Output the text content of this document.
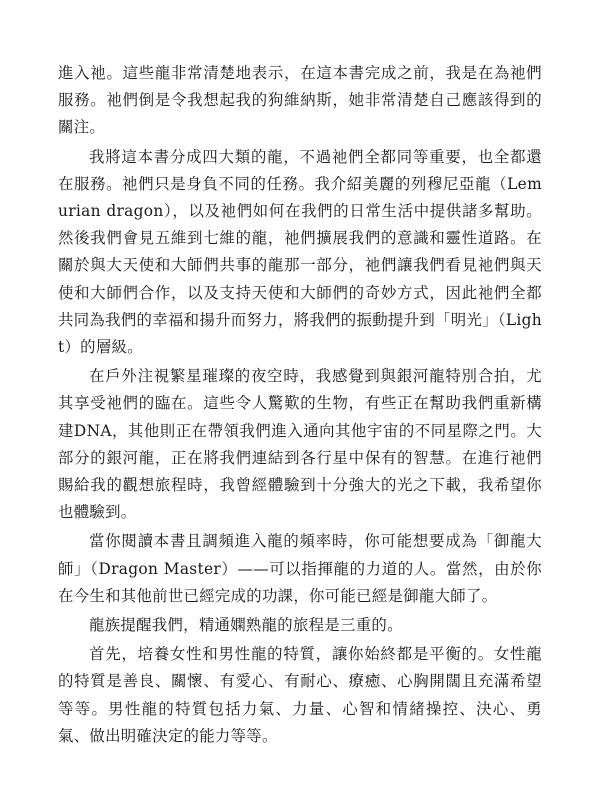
進入祂。這些龍非常清楚地表示，在這本書完成之前，我是在為祂們服務。祂們倒是令我想起我的狗維納斯，她非常清楚自己應該得到的關注。

我將這本書分成四大類的龍，不過祂們全都同等重要，也全都還在服務。祂們只是身負不同的任務。我介紹美麗的列穆尼亞龍（Lemurian dragon），以及祂們如何在我們的日常生活中提供諸多幫助。然後我們會見五維到七維的龍，祂們擴展我們的意識和靈性道路。在關於與大天使和大師們共事的龍那一部分，祂們讓我們看見祂們與天使和大師們合作，以及支持天使和大師們的奇妙方式，因此祂們全都共同為我們的幸福和揚升而努力，將我們的振動提升到「明光」（Light）的層級。

在戶外注視繁星璀璨的夜空時，我感覺到與銀河龍特別合拍，尤其享受祂們的臨在。這些令人驚歎的生物，有些正在幫助我們重新構建DNA，其他則正在帶領我們進入通向其他宇宙的不同星際之門。大部分的銀河龍，正在將我們連結到各行星中保有的智慧。在進行祂們賜給我的觀想旅程時，我曾經體驗到十分強大的光之下載，我希望你也體驗到。

當你閱讀本書且調頻進入龍的頻率時，你可能想要成為「御龍大師」（Dragon Master）——可以指揮龍的力道的人。當然，由於你在今生和其他前世已經完成的功課，你可能已經是御龍大師了。

龍族提醒我們，精通嫻熟龍的旅程是三重的。

首先，培養女性和男性龍的特質，讓你始終都是平衡的。女性龍的特質是善良、關懷、有愛心、有耐心、療癒、心胸開闊且充滿希望等等。男性龍的特質包括力氣、力量、心智和情緒操控、決心、勇氣、做出明確決定的能力等等。
